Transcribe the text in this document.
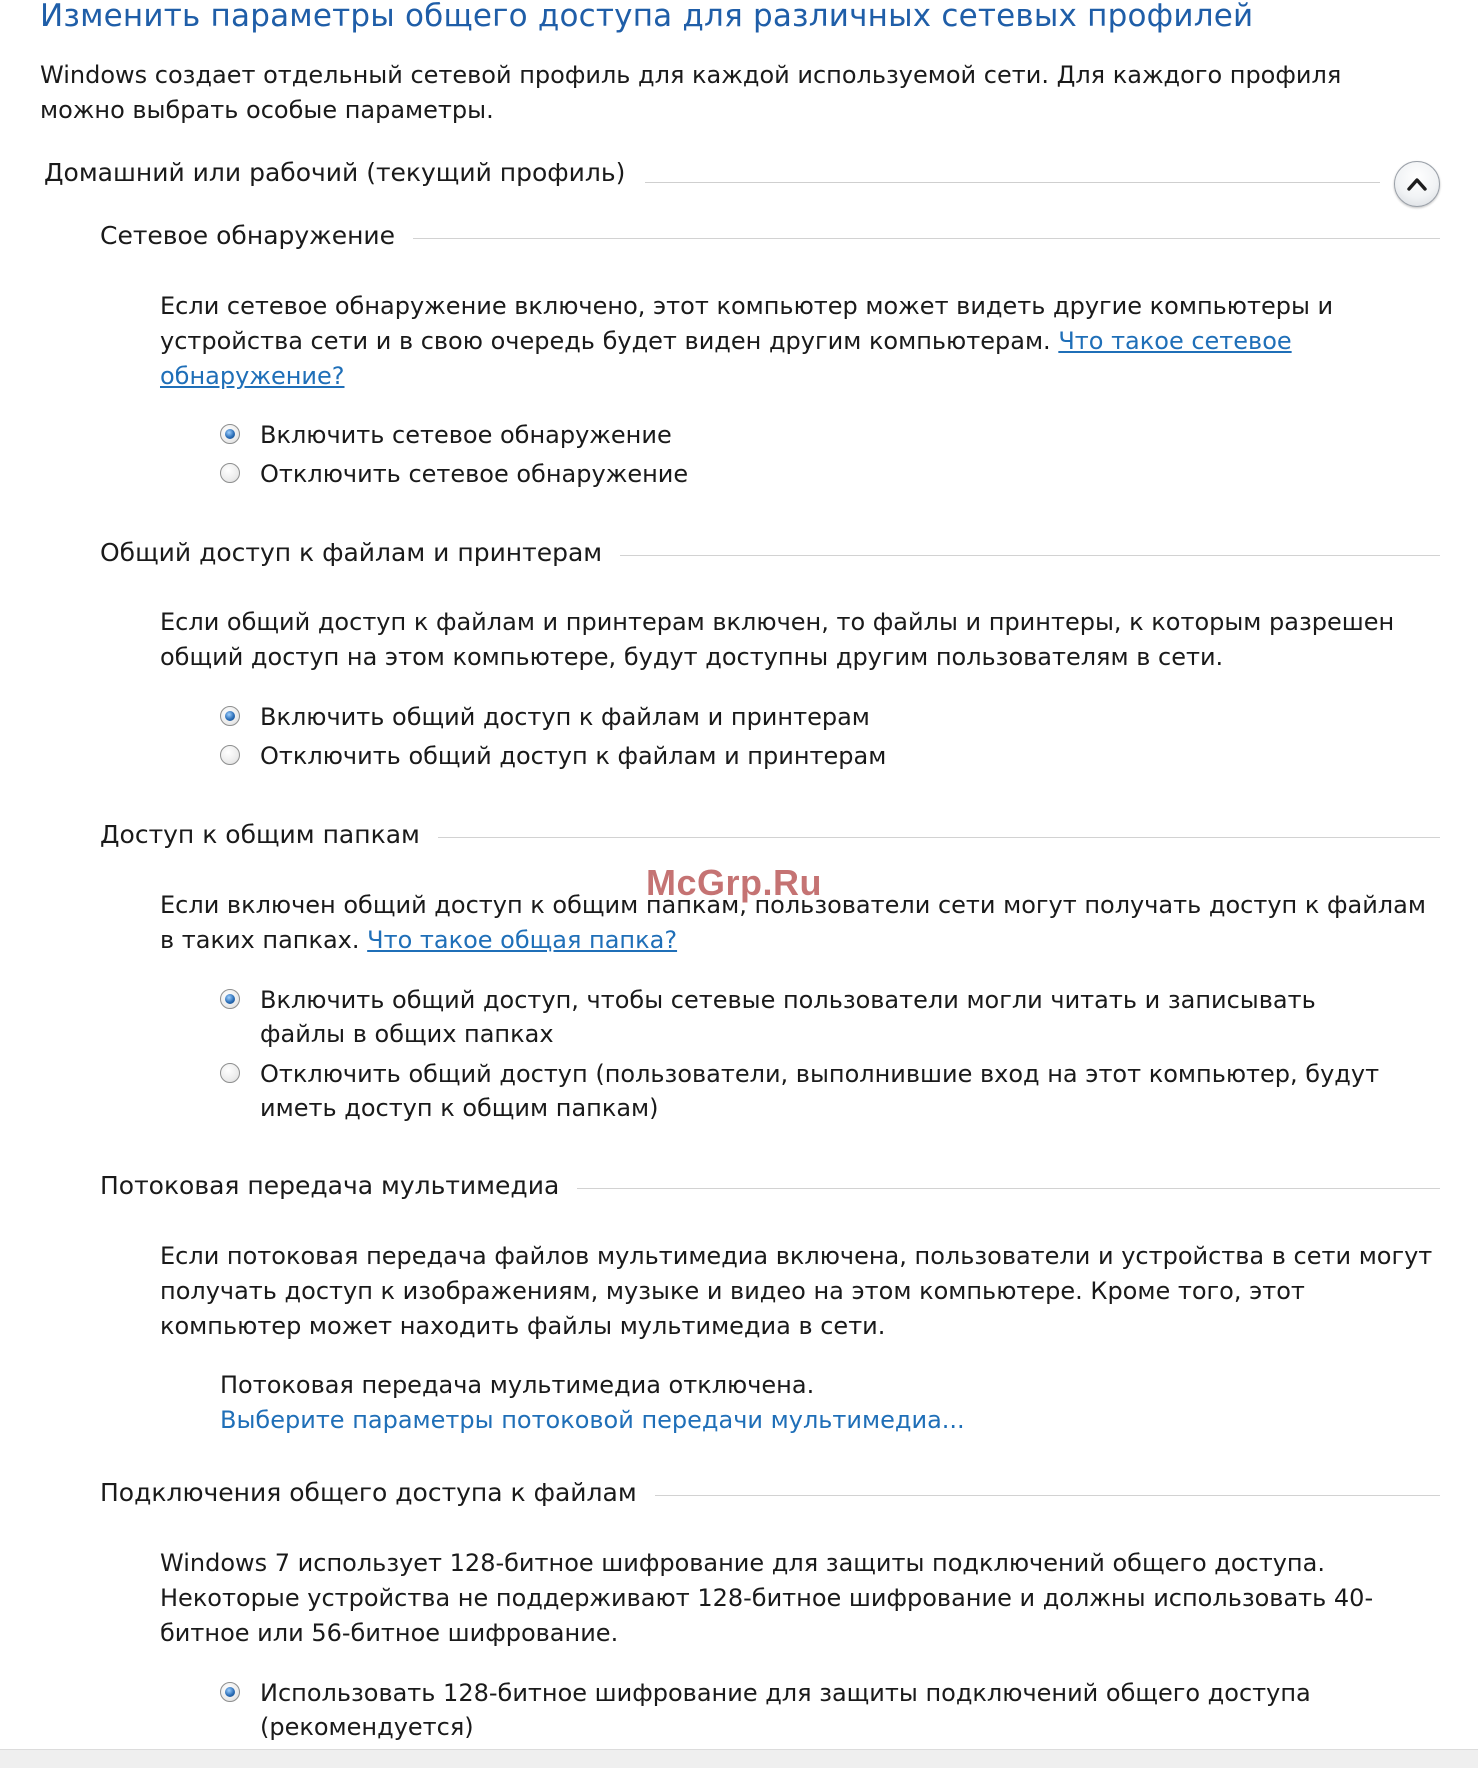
Изменить параметры общего доступа для различных сетевых профилей
Windows создает отдельный сетевой профиль для каждой используемой сети. Для каждого профиля можно выбрать особые параметры.
Домашний или рабочий (текущий профиль)
Сетевое обнаружение
Если сетевое обнаружение включено, этот компьютер может видеть другие компьютеры и устройства сети и в свою очередь будет виден другим компьютерам. Что такое сетевое обнаружение?
Включить сетевое обнаружение
Отключить сетевое обнаружение
Общий доступ к файлам и принтерам
Если общий доступ к файлам и принтерам включен, то файлы и принтеры, к которым разрешен общий доступ на этом компьютере, будут доступны другим пользователям в сети.
Включить общий доступ к файлам и принтерам
Отключить общий доступ к файлам и принтерам
Доступ к общим папкам
Если включен общий доступ к общим папкам, пользователи сети могут получать доступ к файлам в таких папках. Что такое общая папка?
Включить общий доступ, чтобы сетевые пользователи могли читать и записывать файлы в общих папках
Отключить общий доступ (пользователи, выполнившие вход на этот компьютер, будут иметь доступ к общим папкам)
Потоковая передача мультимедиа
Если потоковая передача файлов мультимедиа включена, пользователи и устройства в сети могут получать доступ к изображениям, музыке и видео на этом компьютере. Кроме того, этот компьютер может находить файлы мультимедиа в сети.
Потоковая передача мультимедиа отключена.
Выберите параметры потоковой передачи мультимедиа...
Подключения общего доступа к файлам
Windows 7 использует 128-битное шифрование для защиты подключений общего доступа. Некоторые устройства не поддерживают 128-битное шифрование и должны использовать 40-битное или 56-битное шифрование.
Использовать 128-битное шифрование для защиты подключений общего доступа (рекомендуется)
McGrp.Ru
